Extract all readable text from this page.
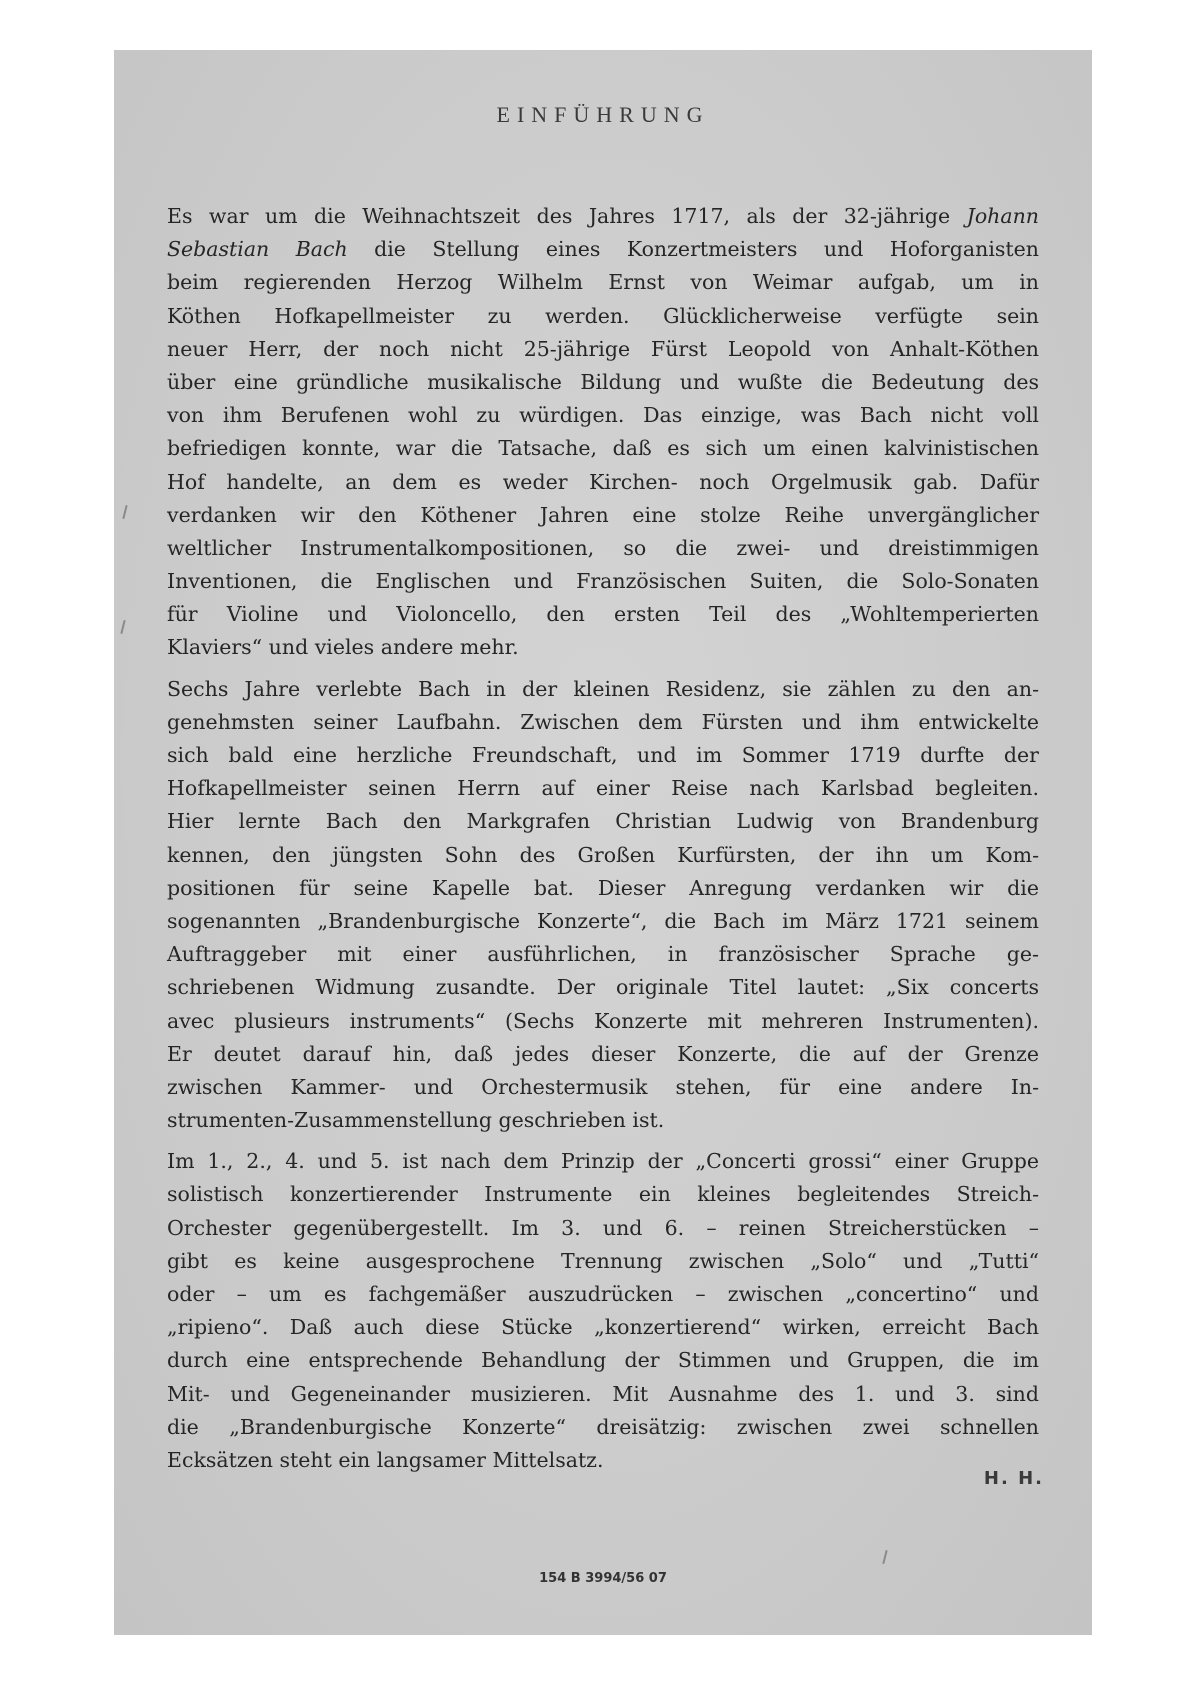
EINFÜHRUNG
Es war um die Weihnachtszeit des Jahres 1717, als der 32-jährige Johann
Sebastian Bach die Stellung eines Konzertmeisters und Hoforganisten
beim regierenden Herzog Wilhelm Ernst von Weimar aufgab, um in
Köthen Hofkapellmeister zu werden. Glücklicherweise verfügte sein
neuer Herr, der noch nicht 25-jährige Fürst Leopold von Anhalt-Köthen
über eine gründliche musikalische Bildung und wußte die Bedeutung des
von ihm Berufenen wohl zu würdigen. Das einzige, was Bach nicht voll
befriedigen konnte, war die Tatsache, daß es sich um einen kalvinistischen
Hof handelte, an dem es weder Kirchen- noch Orgelmusik gab. Dafür
verdanken wir den Köthener Jahren eine stolze Reihe unvergänglicher
weltlicher Instrumentalkompositionen, so die zwei- und dreistimmigen
Inventionen, die Englischen und Französischen Suiten, die Solo-Sonaten
für Violine und Violoncello, den ersten Teil des „Wohltemperierten
Klaviers“ und vieles andere mehr.
Sechs Jahre verlebte Bach in der kleinen Residenz, sie zählen zu den an-
genehmsten seiner Laufbahn. Zwischen dem Fürsten und ihm entwickelte
sich bald eine herzliche Freundschaft, und im Sommer 1719 durfte der
Hofkapellmeister seinen Herrn auf einer Reise nach Karlsbad begleiten.
Hier lernte Bach den Markgrafen Christian Ludwig von Brandenburg
kennen, den jüngsten Sohn des Großen Kurfürsten, der ihn um Kom-
positionen für seine Kapelle bat. Dieser Anregung verdanken wir die
sogenannten „Brandenburgische Konzerte“, die Bach im März 1721 seinem
Auftraggeber mit einer ausführlichen, in französischer Sprache ge-
schriebenen Widmung zusandte. Der originale Titel lautet: „Six concerts
avec plusieurs instruments“ (Sechs Konzerte mit mehreren Instrumenten).
Er deutet darauf hin, daß jedes dieser Konzerte, die auf der Grenze
zwischen Kammer- und Orchestermusik stehen, für eine andere In-
strumenten-Zusammenstellung geschrieben ist.
Im 1., 2., 4. und 5. ist nach dem Prinzip der „Concerti grossi“ einer Gruppe
solistisch konzertierender Instrumente ein kleines begleitendes Streich-
Orchester gegenübergestellt. Im 3. und 6. – reinen Streicherstücken –
gibt es keine ausgesprochene Trennung zwischen „Solo“ und „Tutti“
oder – um es fachgemäßer auszudrücken – zwischen „concertino“ und
„ripieno“. Daß auch diese Stücke „konzertierend“ wirken, erreicht Bach
durch eine entsprechende Behandlung der Stimmen und Gruppen, die im
Mit- und Gegeneinander musizieren. Mit Ausnahme des 1. und 3. sind
die „Brandenburgische Konzerte“ dreisätzig: zwischen zwei schnellen
Ecksätzen steht ein langsamer Mittelsatz.
H. H.
154 B 3994/56 07
